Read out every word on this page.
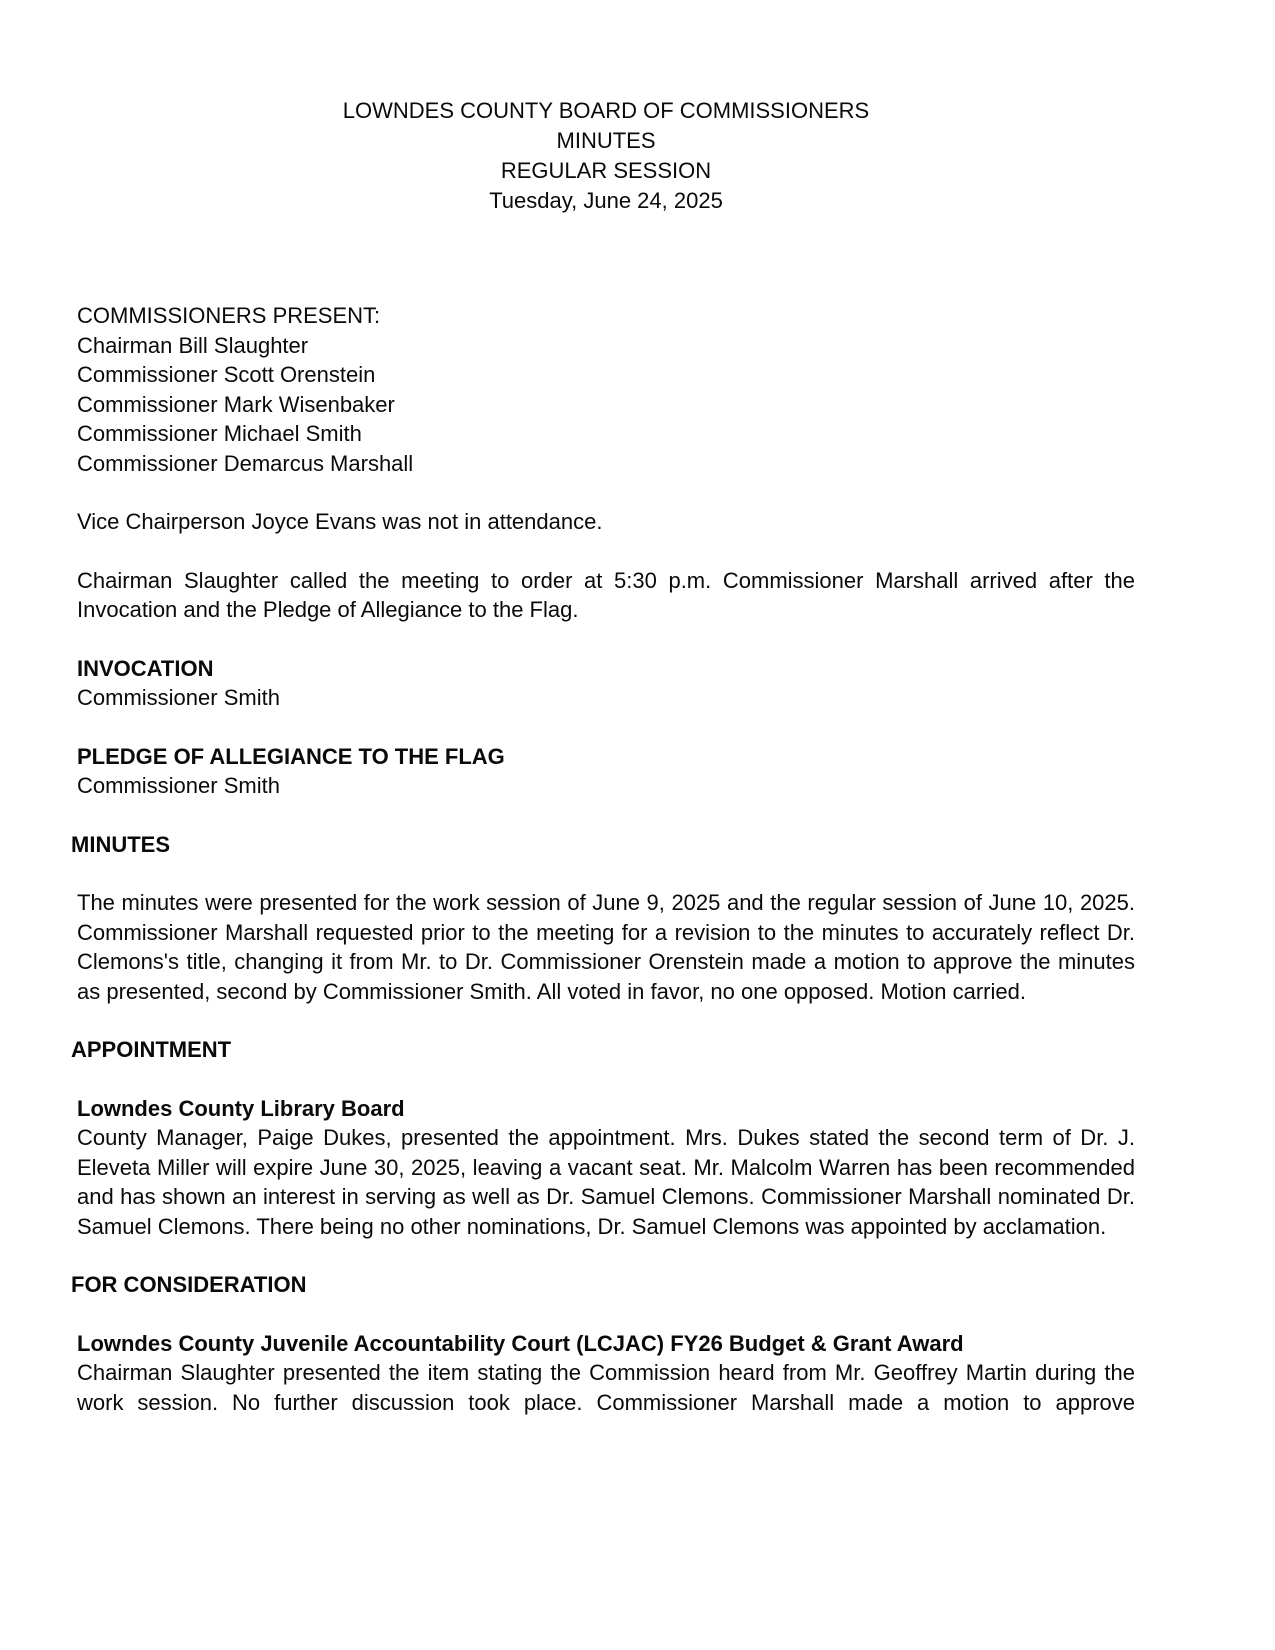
LOWNDES COUNTY BOARD OF COMMISSIONERS
MINUTES
REGULAR SESSION
Tuesday, June 24, 2025
COMMISSIONERS PRESENT:
Chairman Bill Slaughter
Commissioner Scott Orenstein
Commissioner Mark Wisenbaker
Commissioner Michael Smith
Commissioner Demarcus Marshall

Vice Chairperson Joyce Evans was not in attendance.

Chairman Slaughter called the meeting to order at 5:30 p.m. Commissioner Marshall arrived after the Invocation and the Pledge of Allegiance to the Flag.

INVOCATION

Commissioner Smith

PLEDGE OF ALLEGIANCE TO THE FLAG

Commissioner Smith

MINUTES

The minutes were presented for the work session of June 9, 2025 and the regular session of June 10, 2025. Commissioner Marshall requested prior to the meeting for a revision to the minutes to accurately reflect Dr. Clemons's title, changing it from Mr. to Dr. Commissioner Orenstein made a motion to approve the minutes as presented, second by Commissioner Smith. All voted in favor, no one opposed. Motion carried.

APPOINTMENT
Lowndes County Library Board

County Manager, Paige Dukes, presented the appointment. Mrs. Dukes stated the second term of Dr. J. Eleveta Miller will expire June 30, 2025, leaving a vacant seat. Mr. Malcolm Warren has been recommended and has shown an interest in serving as well as Dr. Samuel Clemons. Commissioner Marshall nominated Dr. Samuel Clemons. There being no other nominations, Dr. Samuel Clemons was appointed by acclamation.

FOR CONSIDERATION
Lowndes County Juvenile Accountability Court (LCJAC) FY26 Budget & Grant Award

Chairman Slaughter presented the item stating the Commission heard from Mr. Geoffrey Martin during the work session. No further discussion took place. Commissioner Marshall made a motion to approve
